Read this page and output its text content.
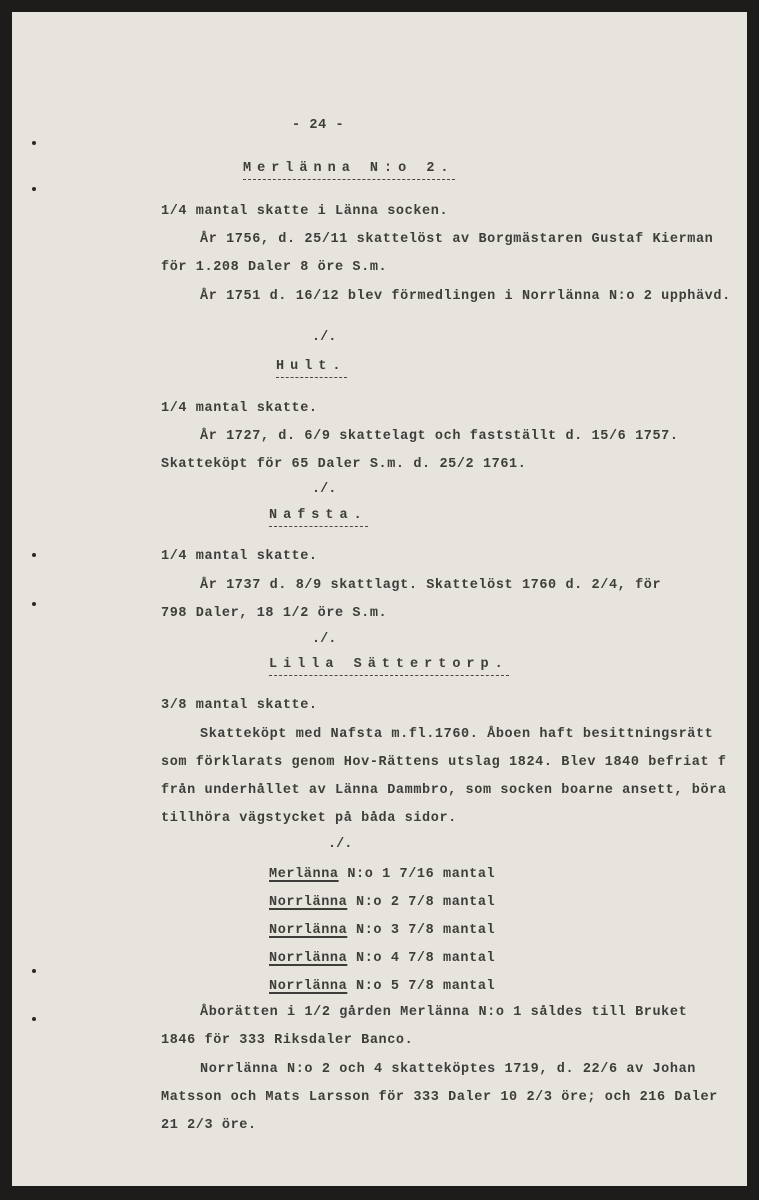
- 24 -
Merlänna N:o 2.
1/4 mantal skatte i Länna socken.
År 1756, d. 25/11 skattelöst av Borgmästaren Gustaf Kierman
för 1.208 Daler 8 öre S.m.
År 1751 d. 16/12 blev förmedlingen i Norrlänna N:o 2 upphävd.
./.
Hult.
1/4 mantal skatte.
År 1727, d. 6/9 skattelagt och fastställt d. 15/6 1757.
Skatteköpt för 65 Daler S.m. d. 25/2 1761.
./.
Nafsta.
1/4 mantal skatte.
År 1737 d. 8/9 skattlagt. Skattelöst 1760 d. 2/4, för
798 Daler, 18 1/2 öre S.m.
./.
Lilla Sättertorp.
3/8 mantal skatte.
Skatteköpt med Nafsta m.fl.1760. Åboen haft besittningsrätt
som förklarats genom Hov-Rättens utslag 1824. Blev 1840 befriat f
från underhållet av Länna Dammbro, som socken boarne ansett, böra
tillhöra vägstycket på båda sidor.
./.
Merlänna N:o 1 7/16 mantal
Norrlänna N:o 2 7/8 mantal
Norrlänna N:o 3 7/8 mantal
Norrlänna N:o 4 7/8 mantal
Norrlänna N:o 5 7/8 mantal
Åborätten i 1/2 gården Merlänna N:o 1 såldes till Bruket
1846 för 333 Riksdaler Banco.
Norrlänna N:o 2 och 4 skatteköptes 1719, d. 22/6 av Johan
Matsson och Mats Larsson för 333 Daler 10 2/3 öre; och 216 Daler
21 2/3 öre.
